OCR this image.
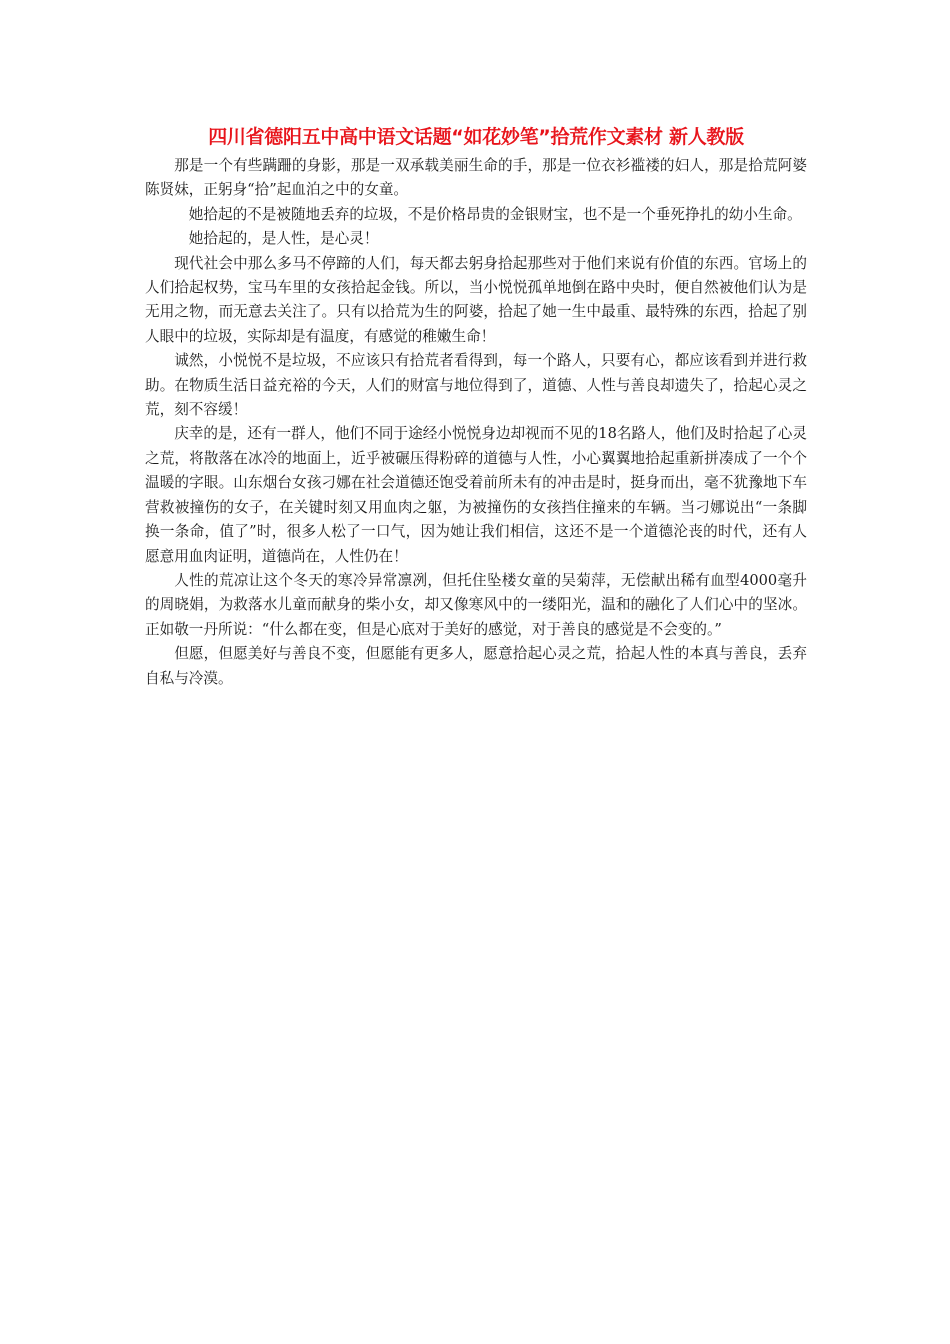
四川省德阳五中高中语文话题“如花妙笔”拾荒作文素材 新人教版

那是一个有些蹒跚的身影，那是一双承载美丽生命的手，那是一位衣衫褴褛的妇人，那是拾荒阿婆陈贤妹，正躬身“拾”起血泊之中的女童。

她拾起的不是被随地丢弃的垃圾，不是价格昂贵的金银财宝，也不是一个垂死挣扎的幼小生命。

她拾起的，是人性，是心灵！

现代社会中那么多马不停蹄的人们，每天都去躬身拾起那些对于他们来说有价值的东西。官场上的人们拾起权势，宝马车里的女孩拾起金钱。所以，当小悦悦孤单地倒在路中央时，便自然被他们认为是无用之物，而无意去关注了。只有以拾荒为生的阿婆，拾起了她一生中最重、最特殊的东西，拾起了别人眼中的垃圾，实际却是有温度，有感觉的稚嫩生命！

诚然，小悦悦不是垃圾，不应该只有拾荒者看得到，每一个路人，只要有心，都应该看到并进行救助。在物质生活日益充裕的今天，人们的财富与地位得到了，道德、人性与善良却遗失了，拾起心灵之荒，刻不容缓！

庆幸的是，还有一群人，他们不同于途经小悦悦身边却视而不见的18名路人，他们及时拾起了心灵之荒，将散落在冰冷的地面上，近乎被碾压得粉碎的道德与人性，小心翼翼地拾起重新拼凑成了一个个温暖的字眼。山东烟台女孩刁娜在社会道德还饱受着前所未有的冲击是时，挺身而出，毫不犹豫地下车营救被撞伤的女子，在关键时刻又用血肉之躯，为被撞伤的女孩挡住撞来的车辆。当刁娜说出“一条脚换一条命，值了”时，很多人松了一口气，因为她让我们相信，这还不是一个道德沦丧的时代，还有人愿意用血肉证明，道德尚在，人性仍在！

人性的荒凉让这个冬天的寒冷异常凛冽，但托住坠楼女童的吴菊萍，无偿献出稀有血型4000毫升的周晓娟，为救落水儿童而献身的柴小女，却又像寒风中的一缕阳光，温和的融化了人们心中的坚冰。正如敬一丹所说：“什么都在变，但是心底对于美好的感觉，对于善良的感觉是不会变的。”

但愿，但愿美好与善良不变，但愿能有更多人，愿意拾起心灵之荒，拾起人性的本真与善良，丢弃自私与冷漠。
